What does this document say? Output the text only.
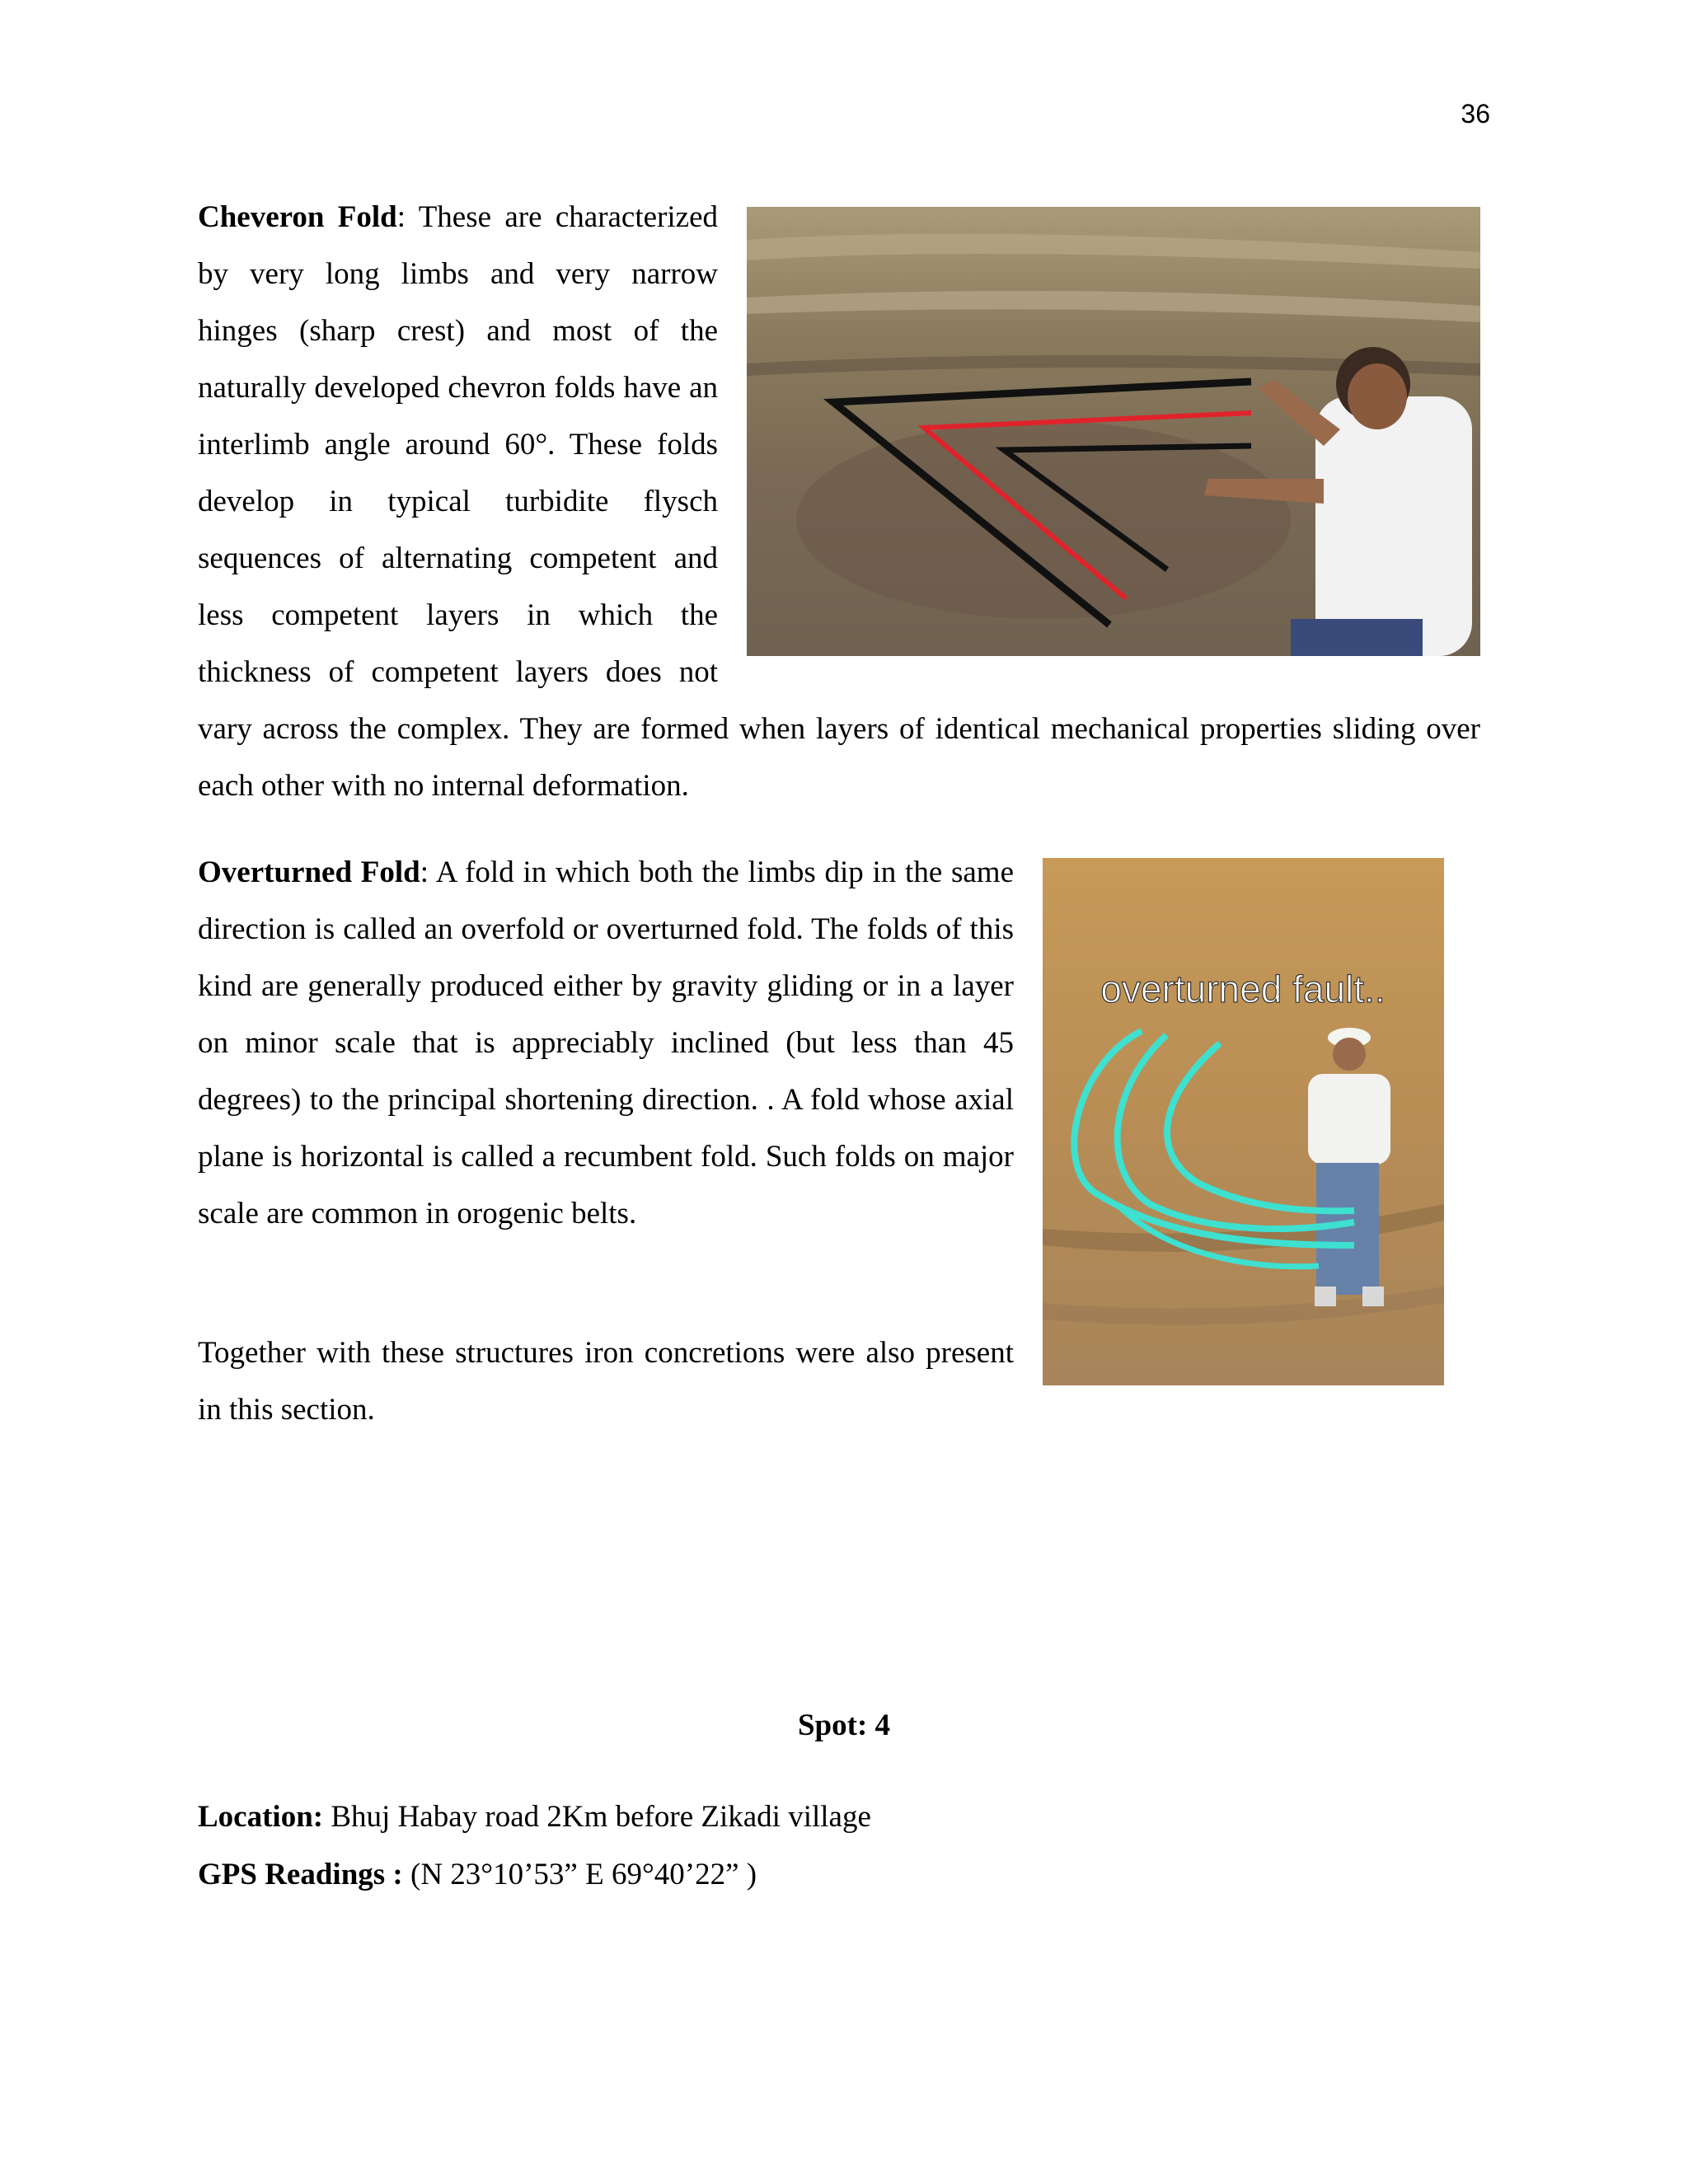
36

Cheveron Fold: These are characterized by very long limbs and very narrow hinges (sharp crest) and most of the naturally developed chevron folds have an interlimb angle around 60°. These folds develop in typical turbidite flysch sequences of alternating competent and less competent layers in which the thickness of competent layers does not vary across the complex. They are formed when layers of identical mechanical properties sliding over each other with no internal deformation.

Overturned Fold: A fold in which both the limbs dip in the same direction is called an overfold or overturned fold. The folds of this kind are generally produced either by gravity gliding or in a layer on minor scale that is appreciably inclined (but less than 45 degrees) to the principal shortening direction. . A fold whose axial plane is horizontal is called a recumbent fold. Such folds on major scale are common in orogenic belts.

Together with these structures iron concretions were also present in this section.

overturned fault..
Spot: 4
Location: Bhuj Habay road 2Km before Zikadi village
GPS Readings : (N 23°10’53” E 69°40’22” )
